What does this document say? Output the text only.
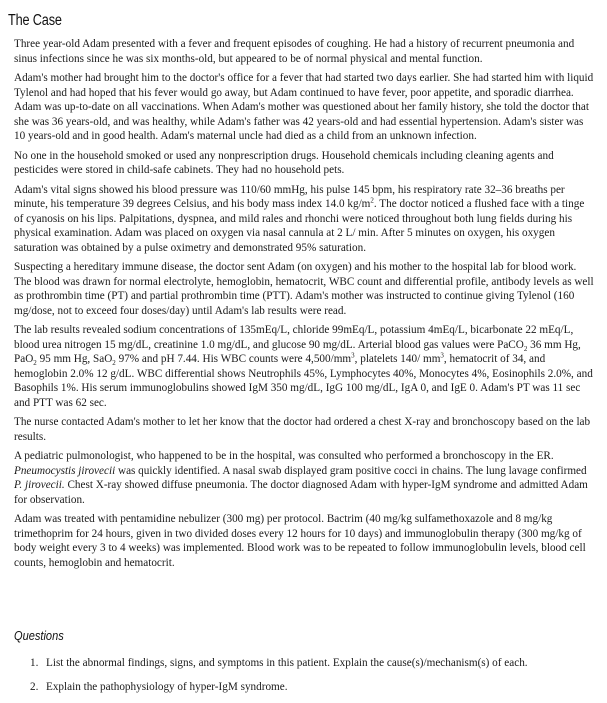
The Case

Three year-old Adam presented with a fever and frequent episodes of coughing. He had a history of recurrent pneumonia and sinus infections since he was six months-old, but appeared to be of normal physical and mental function.

Adam's mother had brought him to the doctor's office for a fever that had started two days earlier. She had started him with liquid Tylenol and had hoped that his fever would go away, but Adam continued to have fever, poor appetite, and sporadic diarrhea. Adam was up-to-date on all vaccinations. When Adam's mother was questioned about her family history, she told the doctor that she was 36 years-old, and was healthy, while Adam's father was 42 years-old and had essential hypertension. Adam's sister was 10 years-old and in good health. Adam's maternal uncle had died as a child from an unknown infection.

No one in the household smoked or used any nonprescription drugs. Household chemicals including cleaning agents and pesticides were stored in child-safe cabinets. They had no household pets.

Adam's vital signs showed his blood pressure was 110/60 mmHg, his pulse 145 bpm, his respiratory rate 32–36 breaths per minute, his temperature 39 degrees Celsius, and his body mass index 14.0 $kg/m^2$. The doctor noticed a flushed face with a tinge of cyanosis on his lips. Palpitations, dyspnea, and mild rales and rhonchi were noticed throughout both lung fields during his physical examination. Adam was placed on oxygen via nasal cannula at 2 L/ min. After 5 minutes on oxygen, his oxygen saturation was obtained by a pulse oximetry and demonstrated 95% saturation.

Suspecting a hereditary immune disease, the doctor sent Adam (on oxygen) and his mother to the hospital lab for blood work. The blood was drawn for normal electrolyte, hemoglobin, hematocrit, WBC count and differential profile, antibody levels as well as prothrombin time (PT) and partial prothrombin time (PTT). Adam's mother was instructed to continue giving Tylenol (160 mg/dose, not to exceed four doses/day) until Adam's lab results were read.

The lab results revealed sodium concentrations of 135mEq/L, chloride 99mEq/L, potassium 4mEq/L, bicarbonate 22 mEq/L, blood urea nitrogen 15 mg/dL, creatinine 1.0 mg/dL, and glucose 90 mg/dL. Arterial blood gas values were PaCO$_2$ 36 mm Hg, PaO$_2$ 95 mm Hg, SaO$_2$ 97% and pH 7.44. His WBC counts were $4,500/mm^3$, platelets 140/ $mm^3$, hematocrit of 34, and hemoglobin 2.0% 12 g/dL. WBC differential shows Neutrophils 45%, Lymphocytes 40%, Monocytes 4%, Eosinophils 2.0%, and Basophils 1%. His serum immunoglobulins showed IgM 350 mg/dL, IgG 100 mg/dL, IgA 0, and IgE 0. Adam's PT was 11 sec and PTT was 62 sec.

The nurse contacted Adam's mother to let her know that the doctor had ordered a chest X-ray and bronchoscopy based on the lab results.

A pediatric pulmonologist, who happened to be in the hospital, was consulted who performed a bronchoscopy in the ER. Pneumocystis jirovecii was quickly identified. A nasal swab displayed gram positive cocci in chains. The lung lavage confirmed P. jirovecii. Chest X-ray showed diffuse pneumonia. The doctor diagnosed Adam with hyper-IgM syndrome and admitted Adam for observation.

Adam was treated with pentamidine nebulizer (300 mg) per protocol. Bactrim (40 mg/kg sulfamethoxazole and 8 mg/kg trimethoprim for 24 hours, given in two divided doses every 12 hours for 10 days) and immunoglobulin therapy (300 mg/kg of body weight every 3 to 4 weeks) was implemented. Blood work was to be repeated to follow immunoglobulin levels, blood cell counts, hemoglobin and hematocrit.

Questions
1. List the abnormal findings, signs, and symptoms in this patient. Explain the cause(s)/mechanism(s) of each.
2. Explain the pathophysiology of hyper-IgM syndrome.
